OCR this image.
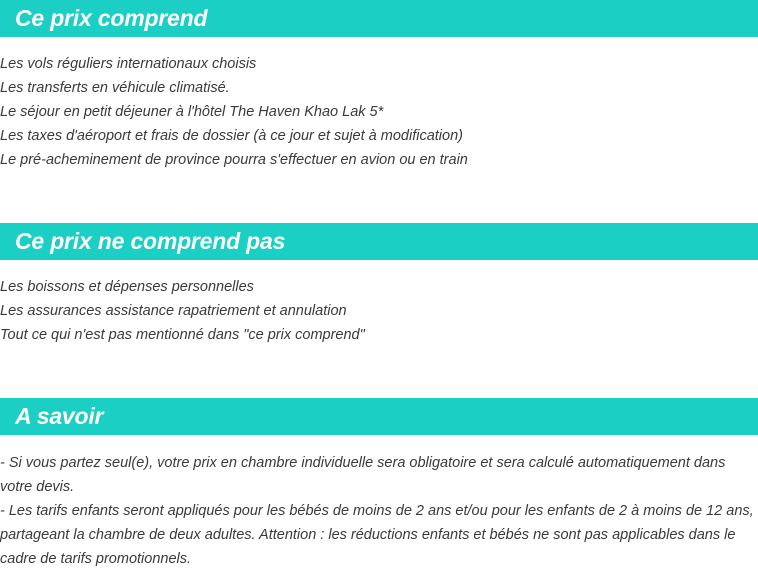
Ce prix comprend
Les vols réguliers internationaux choisis
Les transferts en véhicule climatisé.
Le séjour en petit déjeuner à l'hôtel The Haven Khao Lak 5*
Les taxes d'aéroport et frais de dossier (à ce jour et sujet à modification)
Le pré-acheminement de province pourra s'effectuer en avion ou en train
Ce prix ne comprend pas
Les boissons et dépenses personnelles
Les assurances assistance rapatriement et annulation
Tout ce qui n'est pas mentionné dans "ce prix comprend"
A savoir

- Si vous partez seul(e), votre prix en chambre individuelle sera obligatoire et sera calculé automatiquement dans votre devis.

- Les tarifs enfants seront appliqués pour les bébés de moins de 2 ans et/ou pour les enfants de 2 à moins de 12 ans, partageant la chambre de deux adultes. Attention : les réductions enfants et bébés ne sont pas applicables dans le cadre de tarifs promotionnels.
